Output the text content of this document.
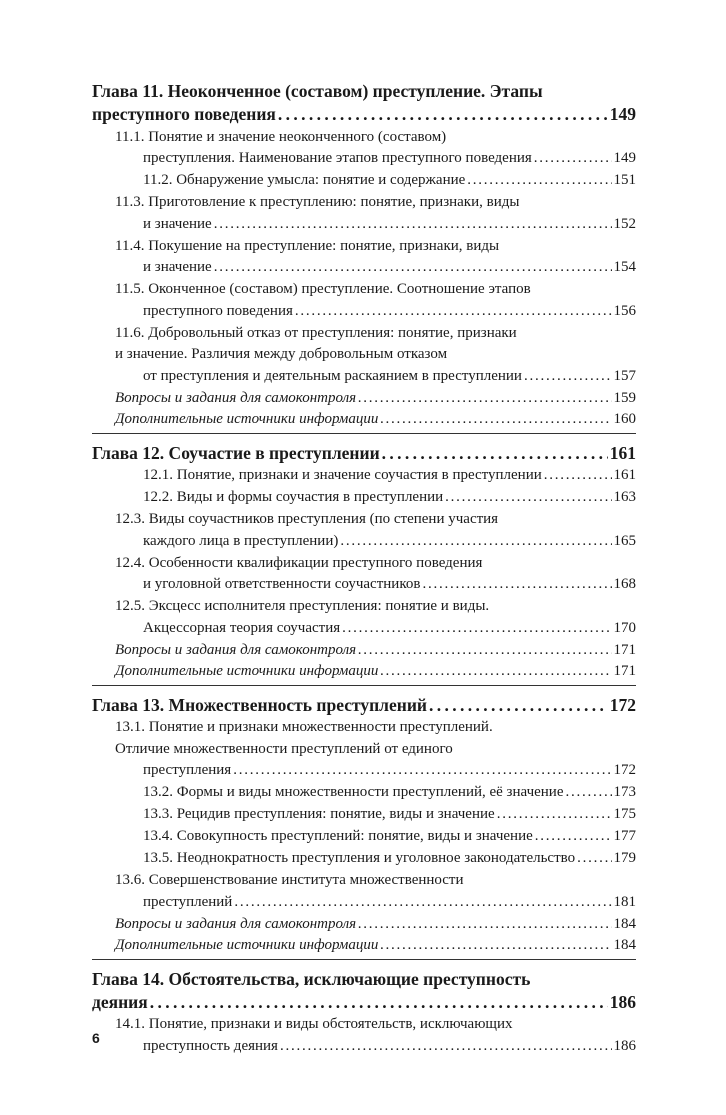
Глава 11. Неоконченное (составом) преступление. Этапы
преступного поведения . . .	149
11.1. Понятие и значение неоконченного (составом)
преступления. Наименование этапов преступного поведения . . .	149
11.2. Обнаружение умысла: понятие и содержание . . .	151
11.3. Приготовление к преступлению: понятие, признаки, виды
и значение . . .	152
11.4. Покушение на преступление: понятие, признаки, виды
и значение . . .	154
11.5. Оконченное (составом) преступление. Соотношение этапов
преступного поведения . . .	156
11.6. Добровольный отказ от преступления: понятие, признаки
и значение. Различия между добровольным отказом
от преступления и деятельным раскаянием в преступлении . . .	157
Вопросы и задания для самоконтроля . . .	159
Дополнительные источники информации . . .	160
Глава 12. Соучастие в преступлении . . .	161
12.1. Понятие, признаки и значение соучастия в преступлении . . .	161
12.2. Виды и формы соучастия в преступлении . . .	163
12.3. Виды соучастников преступления (по степени участия
каждого лица в преступлении) . . .	165
12.4. Особенности квалификации преступного поведения
и уголовной ответственности соучастников . . .	168
12.5. Эксцесс исполнителя преступления: понятие и виды.
Акцессорная теория соучастия . . .	170
Вопросы и задания для самоконтроля . . .	171
Дополнительные источники информации . . .	171
Глава 13. Множественность преступлений . . .	172
13.1. Понятие и признаки множественности преступлений.
Отличие множественности преступлений от единого
преступления . . .	172
13.2. Формы и виды множественности преступлений, её значение . . .	173
13.3. Рецидив преступления: понятие, виды и значение . . .	175
13.4. Совокупность преступлений: понятие, виды и значение . . .	177
13.5. Неоднократность преступления и уголовное законодательство . . .	179
13.6. Совершенствование института множественности
преступлений . . .	181
Вопросы и задания для самоконтроля . . .	184
Дополнительные источники информации . . .	184
Глава 14. Обстоятельства, исключающие преступность
деяния . . .	186
14.1. Понятие, признаки и виды обстоятельств, исключающих
преступность деяния . . .	186
6
